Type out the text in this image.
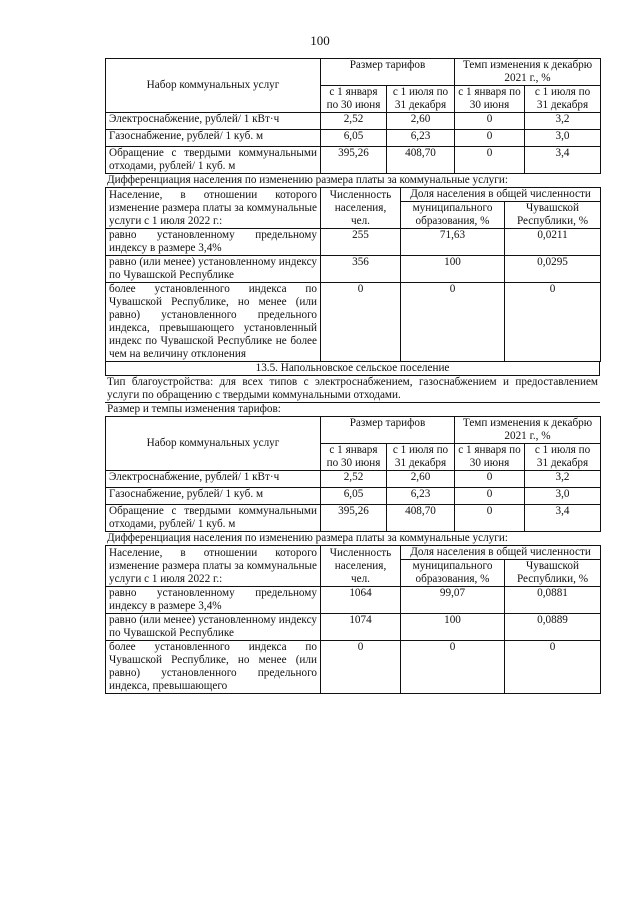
100
Набор коммунальных услуг	Размер тарифов		Темп изменения к декабрю 2021 г., %	
	с 1 января по 30 июня	с 1 июля по 31 декабря	с 1 января по 30 июня	с 1 июля по 31 декабря
Электроснабжение, рублей/ 1 кВт·ч	2,52	2,60	0	3,2
Газоснабжение, рублей/ 1 куб. м	6,05	6,23	0	3,0
Обращение с твердыми коммунальными отходами, рублей/ 1 куб. м	395,26	408,70	0	3,4
Дифференциация населения по изменению размера платы за коммунальные услуги:
Население, в отношении которого изменение размера платы за коммунальные услуги с 1 июля 2022 г.:	Численность населения, чел.	Доля населения в общей численности	
		муниципального образования, %	Чувашской Республики, %
равно установленному предельному индексу в размере 3,4%	255	71,63	0,0211
равно (или менее) установленному индексу по Чувашской Республике	356	100	0,0295
более установленного индекса по Чувашской Республике, но менее (или равно) установленного предельного индекса, превышающего установленный индекс по Чувашской Республике не более чем на величину отклонения	0	0	0
13.5. Напольновское сельское поселение
Тип благоустройства: для всех типов с электроснабжением, газоснабжением и предоставлением услуги по обращению с твердыми коммунальными отходами.
Размер и темпы изменения тарифов:
Набор коммунальных услуг	Размер тарифов		Темп изменения к декабрю 2021 г., %	
	с 1 января по 30 июня	с 1 июля по 31 декабря	с 1 января по 30 июня	с 1 июля по 31 декабря
Электроснабжение, рублей/ 1 кВт·ч	2,52	2,60	0	3,2
Газоснабжение, рублей/ 1 куб. м	6,05	6,23	0	3,0
Обращение с твердыми коммунальными отходами, рублей/ 1 куб. м	395,26	408,70	0	3,4
Дифференциация населения по изменению размера платы за коммунальные услуги:
Население, в отношении которого изменение размера платы за коммунальные услуги с 1 июля 2022 г.:	Численность населения, чел.	Доля населения в общей численности	
		муниципального образования, %	Чувашской Республики, %
равно установленному предельному индексу в размере 3,4%	1064	99,07	0,0881
равно (или менее) установленному индексу по Чувашской Республике	1074	100	0,0889
более установленного индекса по Чувашской Республике, но менее (или равно) установленного предельного индекса, превышающего	0	0	0
